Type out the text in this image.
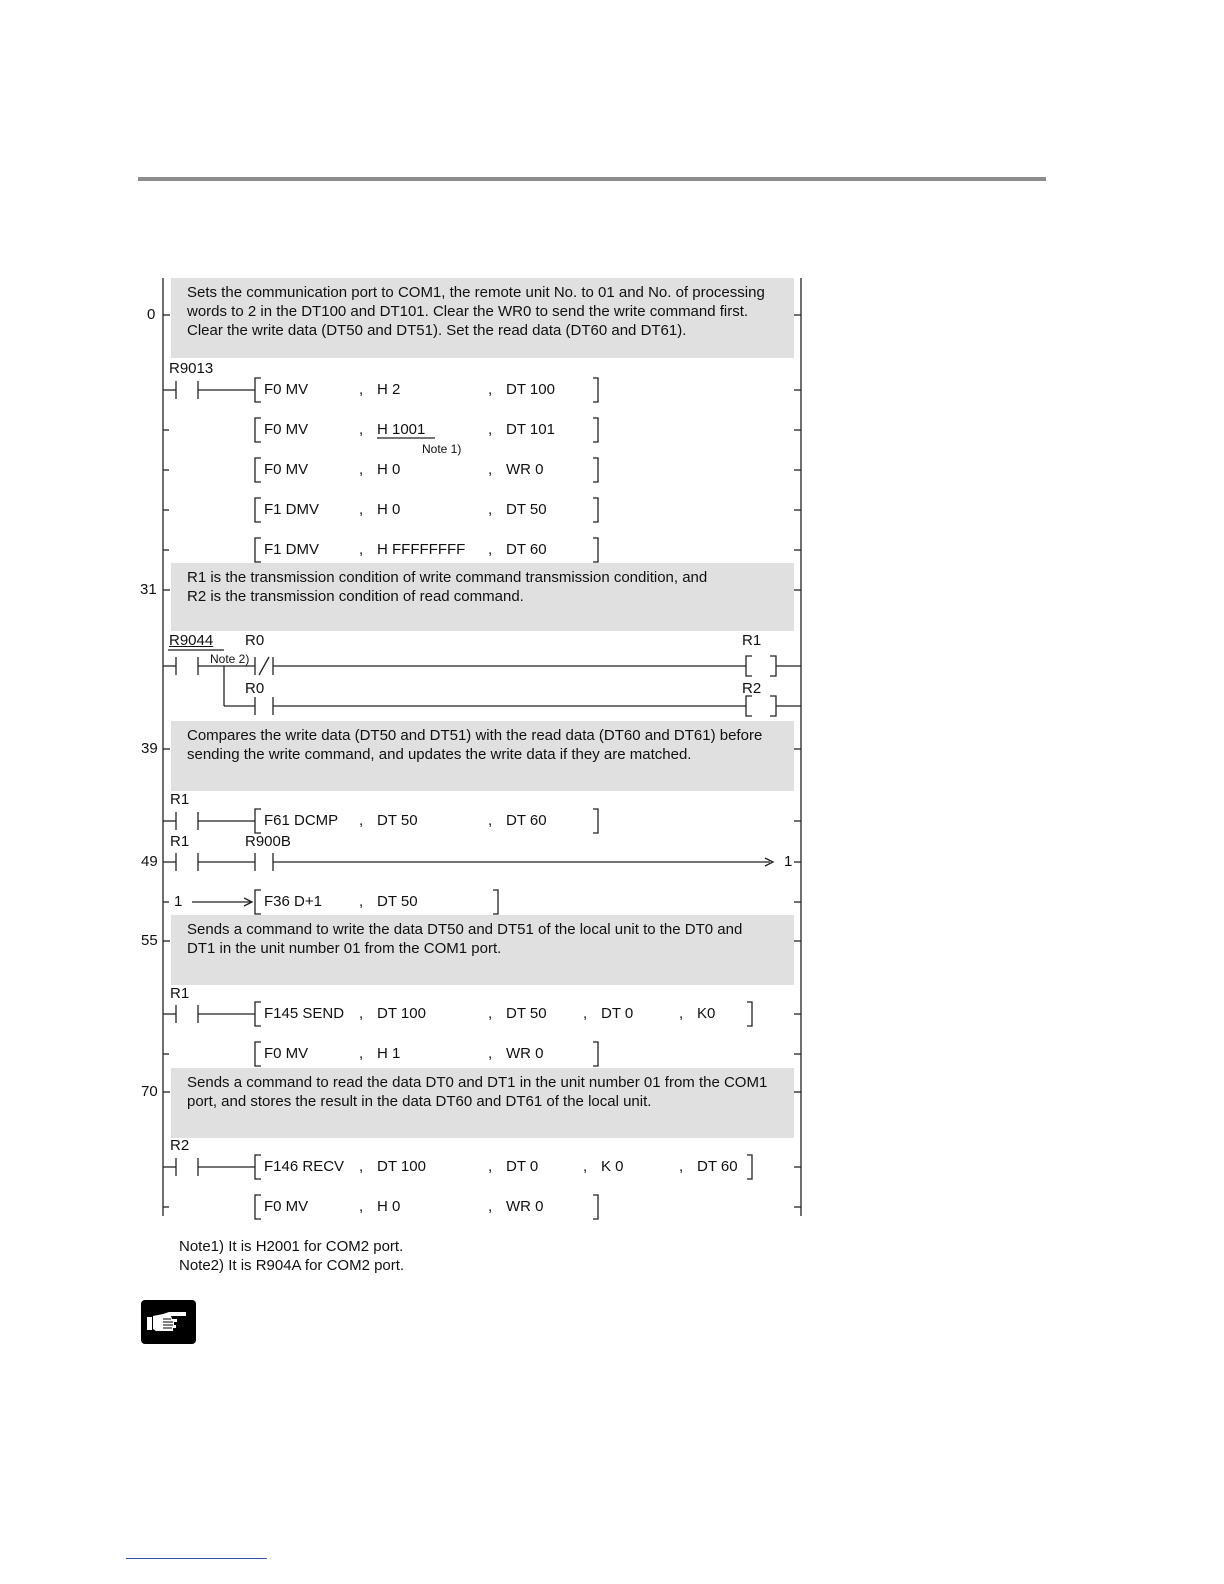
Sets the communication port to COM1, the remote unit No. to 01 and No. of processing
words to 2 in the DT100 and DT101. Clear the WR0 to send the write command first.
Clear the write data (DT50 and DT51). Set the read data (DT60 and DT61).
R1 is the transmission condition of write command transmission condition, and
R2 is the transmission condition of read command.
Compares the write data (DT50 and DT51) with the read data (DT60 and DT61) before
sending the write command, and updates the write data if they are matched.
Sends a command to write the data DT50 and DT51 of the local unit to the DT0 and
DT1 in the unit number 01 from the COM1 port.
Sends a command to read the data DT0 and DT1 in the unit number 01 from the COM1
port, and stores the result in the data DT60 and DT61 of the local unit.
0
31
39
49
55
70
R9013
R9044 R0
R0
R1
R1	R900B
R1
R2
R1
R2
Note 1)
Note 2)
1
1
F0 MV	, H 2	, DT 100
F0 MV	, H 1001	, DT 101
F0 MV	, H 0	, WR 0
F1 DMV	, H 0	, DT 50
F1 DMV	, H FFFFFFFF , DT 60
F61 DCMP , DT 50	, DT 60
F36 D+1 , DT 50
F145 SEND , DT 100	, DT 50 , DT 0	, K0
F0 MV	, H 1	, WR 0
F146 RECV , DT 100	, DT 0	, K 0	, DT 60
F0 MV	, H 0	, WR 0
Note1) It is H2001 for COM2 port.
Note2) It is R904A for COM2 port.
